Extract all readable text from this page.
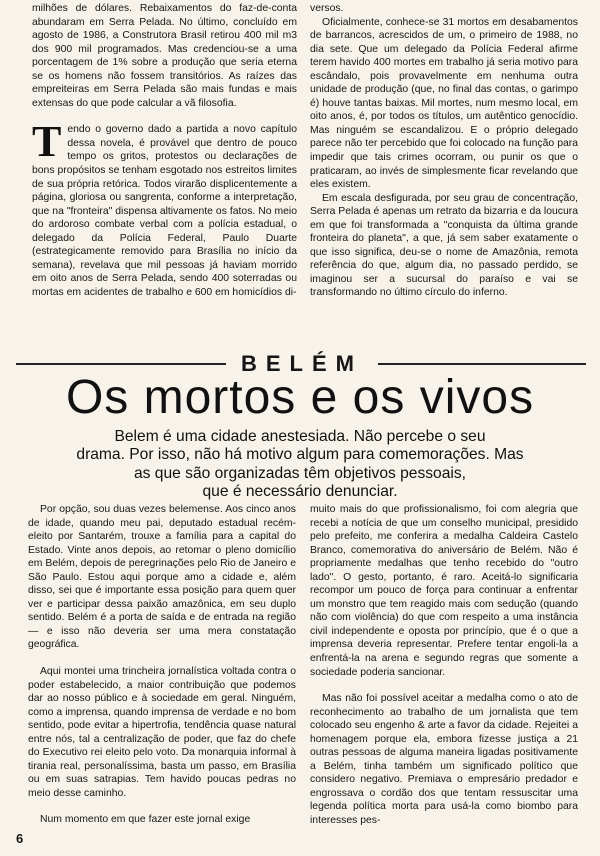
milhões de dólares. Rebaixamentos do faz-de-conta abundaram em Serra Pelada. No último, concluído em agosto de 1986, a Construtora Brasil retirou 400 mil m3 dos 900 mil programados. Mas credenciou-se a uma porcentagem de 1% sobre a produção que seria eterna se os homens não fossem transitórios. As raízes das empreiteiras em Serra Pelada são mais fundas e mais extensas do que pode calcular a vã filosofia.

Tendo o governo dado a partida a novo capítulo dessa novela, é provável que dentro de pouco tempo os gritos, protestos ou declarações de bons propósitos se tenham esgotado nos estreitos limites de sua própria retórica. Todos virarão displicentemente a página, gloriosa ou sangrenta, conforme a interpretação, que na "fronteira" dispensa altivamente os fatos. No meio do ardoroso combate verbal com a polícia estadual, o delegado da Polícia Federal, Paulo Duarte (estrategicamente removido para Brasília no início da semana), revelava que mil pessoas já haviam morrido em oito anos de Serra Pelada, sendo 400 soterradas ou mortas em acidentes de trabalho e 600 em homicídios di-

versos.

Oficialmente, conhece-se 31 mortos em desabamentos de barrancos, acrescidos de um, o primeiro de 1988, no dia sete. Que um delegado da Polícia Federal afirme terem havido 400 mortes em trabalho já seria motivo para escândalo, pois provavelmente em nenhuma outra unidade de produção (que, no final das contas, o garimpo é) houve tantas baixas. Mil mortes, num mesmo local, em oito anos, é, por todos os títulos, um autêntico genocídio. Mas ninguém se escandalizou. E o próprio delegado parece não ter percebido que foi colocado na função para impedir que tais crimes ocorram, ou punir os que o praticaram, ao invés de simplesmente ficar revelando que eles existem.

Em escala desfigurada, por seu grau de concentração, Serra Pelada é apenas um retrato da bizarria e da loucura em que foi transformada a "conquista da última grande fronteira do planeta", a que, já sem saber exatamente o que isso significa, deu-se o nome de Amazônia, remota referência do que, algum dia, no passado perdido, se imaginou ser a sucursal do paraíso e vai se transformando no último círculo do inferno.

BELÉM
Os mortos e os vivos
Belem é uma cidade anestesiada. Não percebe o seu
drama. Por isso, não há motivo algum para comemorações. Mas
as que são organizadas têm objetivos pessoais,
que é necessário denunciar.

Por opção, sou duas vezes belemense. Aos cinco anos de idade, quando meu pai, deputado estadual recém-eleito por Santarém, trouxe a família para a capital do Estado. Vinte anos depois, ao retomar o pleno domicílio em Belém, depois de peregrinações pelo Rio de Janeiro e São Paulo. Estou aqui porque amo a cidade e, além disso, sei que é importante essa posição para quem quer ver e participar dessa paixão amazônica, em seu duplo sentido. Belém é a porta de saída e de entrada na região — e isso não deveria ser uma mera constatação geográfica.

Aqui montei uma trincheira jornalística voltada contra o poder estabelecido, a maior contribuição que podemos dar ao nosso público e à sociedade em geral. Ninguém, como a imprensa, quando imprensa de verdade e no bom sentido, pode evitar a hipertrofia, tendência quase natural entre nós, tal a centralização de poder, que faz do chefe do Executivo rei eleito pelo voto. Da monarquia informal à tirania real, personalíssima, basta um passo, em Brasília ou em suas satrapias. Tem havido poucas pedras no meio desse caminho.

Num momento em que fazer este jornal exige

muito mais do que profissionalismo, foi com alegria que recebi a notícia de que um conselho municipal, presidido pelo prefeito, me conferira a medalha Caldeira Castelo Branco, comemorativa do aniversário de Belém. Não é propriamente medalhas que tenho recebido do "outro lado". O gesto, portanto, é raro. Aceitá-lo significaria recompor um pouco de força para continuar a enfrentar um monstro que tem reagido mais com sedução (quando não com violência) do que com respeito a uma instância civil independente e oposta por princípio, que é o que a imprensa deveria representar. Prefere tentar engoli-la a enfrentá-la na arena e segundo regras que somente a sociedade poderia sancionar.

Mas não foi possível aceitar a medalha como o ato de reconhecimento ao trabalho de um jornalista que tem colocado seu engenho & arte a favor da cidade. Rejeitei a homenagem porque ela, embora fizesse justiça a 21 outras pessoas de alguma maneira ligadas positivamente a Belém, tinha também um significado político que considero negativo. Premiava o empresário predador e engrossava o cordão dos que tentam ressuscitar uma legenda política morta para usá-la como biombo para interesses pes-

6
